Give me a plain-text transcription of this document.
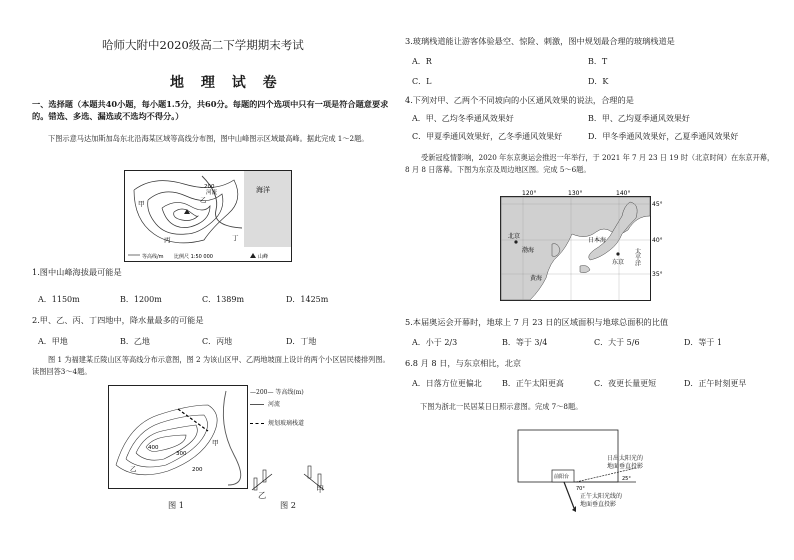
哈师大附中2020级高二下学期期末考试
地 理 试 卷
一、选择题（本题共40小题，每小题1.5分，共60分。每题的四个选项中只有一项是符合题意要求的。错选、多选、漏选或不选均不得分。）
下图示意马达加斯加岛东北沿海某区域等高线分布图，图中山峰图示区域最高峰。据此完成 1～2题。
海洋
200
河流
甲	乙
丙	丁
等高线/m 比例尺 1:50 000	山峰
1.图中山峰海拔最可能是
A．1150m	B．1200m	C．1389m	D．1425m
2.甲、乙、丙、丁四地中，降水量最多的可能是
A．甲地	B．乙地	C．丙地	D．丁地
图 1 为福建某丘陵山区等高线分布示意图，图 2 为该山区甲、乙两地坡面上设计的两个小区居民楼排列图。读图回答3～4题。
400
300
200
乙
甲
—200— 等高线(m)
河流
规划玻璃栈道
图 1
乙
甲
图 2
3.玻璃栈道能让游客体验悬空、惊险、刺激，图中规划最合理的玻璃栈道是
A．R	B．T
C．L	D．K
4.下列对甲、乙两个不同坡向的小区通风效果的说法，合理的是
A．甲、乙均冬季通风效果好	B．甲、乙均夏季通风效果好
C．甲夏季通风效果好，乙冬季通风效果好	D．甲冬季通风效果好，乙夏季通风效果好
受新冠疫情影响，2020 年东京奥运会推迟一年举行，于 2021 年 7 月 23 日 19 时（北京时间）在东京开幕，8 月 8 日落幕。下图为东京及周边地区图。完成 5～6题。
120°	130°	140°
北京
渤海
黄海
日本海
东京 太平洋
45°
40°
35°
5.本届奥运会开幕时，地球上 7 月 23 日的区域面积与地球总面积的比值
A．小于 2/3	B．等于 3/4	C．大于 5/6	D．等于 1
6.8 月 8 日，与东京相比，北京
A．日落方位更偏北	B．正午太阳更高	C．夜更长量更短	D．正午时刻更早
下图为浙北一民居某日日照示意图。完成 7～8题。
前阳台	25°
70°
日出太阳光的
地面垂直投影
正午太阳光线的
地面垂直投影
